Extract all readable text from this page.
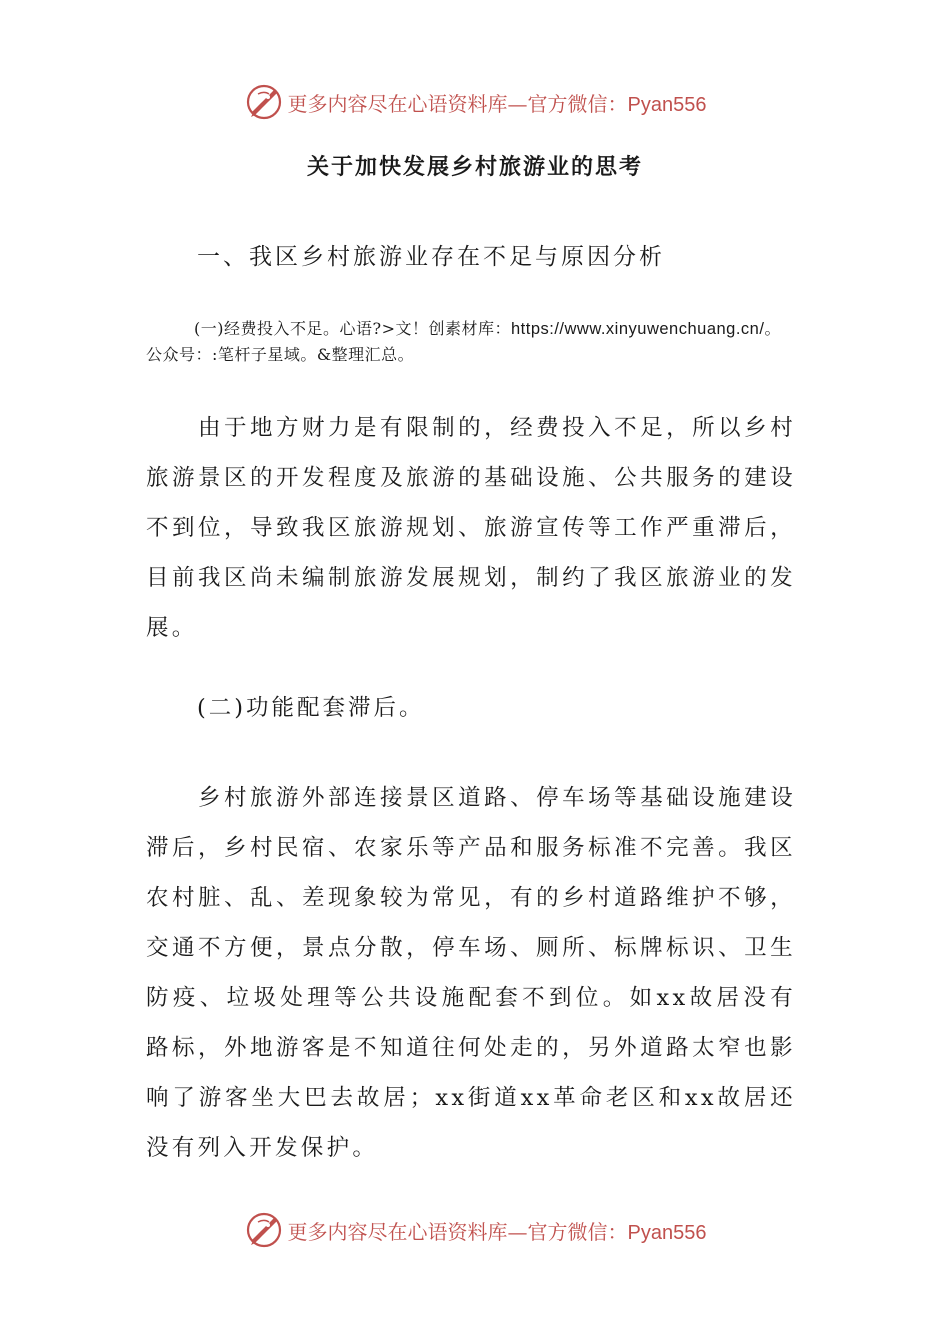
更多内容尽在心语资料库—官方微信：Pyan556
关于加快发展乡村旅游业的思考
一、我区乡村旅游业存在不足与原因分析
(一)经费投入不足。心语?>文！创素材库：https://www.xinyuwenchuang.cn/。公众号：:笔杆子星域。&整理汇总。
由于地方财力是有限制的，经费投入不足，所以乡村旅游景区的开发程度及旅游的基础设施、公共服务的建设不到位，导致我区旅游规划、旅游宣传等工作严重滞后，目前我区尚未编制旅游发展规划，制约了我区旅游业的发展。
(二)功能配套滞后。
乡村旅游外部连接景区道路、停车场等基础设施建设滞后，乡村民宿、农家乐等产品和服务标准不完善。我区农村脏、乱、差现象较为常见，有的乡村道路维护不够，交通不方便，景点分散，停车场、厕所、标牌标识、卫生防疫、垃圾处理等公共设施配套不到位。如xx故居没有路标，外地游客是不知道往何处走的，另外道路太窄也影响了游客坐大巴去故居；xx街道xx革命老区和xx故居还没有列入开发保护。
更多内容尽在心语资料库—官方微信：Pyan556
